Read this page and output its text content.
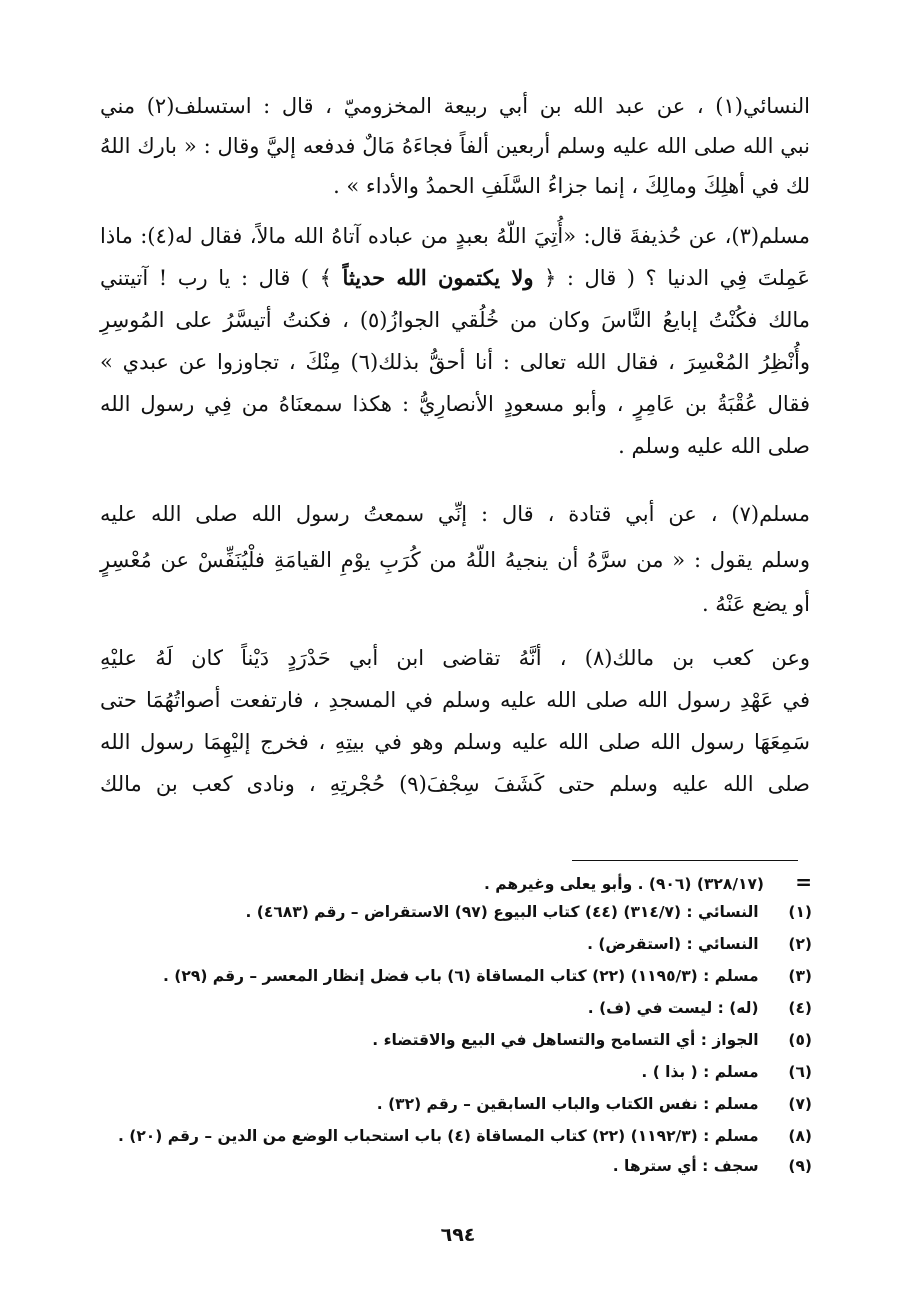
النسائي(١) ، عن عبد الله بن أبي ربيعة المخزوميّ ، قال : استسلف(٢) مني
نبي الله صلى الله عليه وسلم أربعين ألفاً فجاءَهُ مَالٌ فدفعه إليَّ وقال : « بارك اللهُ
لك في أهلِكَ ومالِكَ ، إنما جزاءُ السَّلَفِ الحمدُ والأداء » .
مسلم(٣)، عن حُذيفةَ قال: «أُتِيَ اللّهُ بعبدٍ من عباده آتاهُ الله مالاً، فقال له(٤): ماذا
عَمِلتَ فِي الدنيا ؟ ( قال : ﴿ ولا يكتمون الله حديثاً ﴾ ) قال : يا رب ! آتيتني
مالك فكُنْتُ إبايعُ النَّاسَ وكان من خُلُقي الجوازُ(٥) ، فكنتُ أتيسَّرُ على المُوسِرِ
وأُنْظِرُ المُعْسِرَ ، فقال الله تعالى : أنا أحقُّ بذلك(٦) مِنْكَ ، تجاوزوا عن عبدي »
فقال عُقْبَةُ بن عَامِرٍ ، وأبو مسعودٍ الأنصارِيُّ : هكذا سمعنَاهُ من فِي رسول الله
صلى الله عليه وسلم .
مسلم(٧) ، عن أبي قتادة ، قال : إنِّي سمعتُ رسول الله صلى الله عليه
وسلم يقول : « من سرَّهُ أن ينجيهُ اللّهُ من كُرَبِ يوْمِ القيامَةِ فلْيُنَفِّسْ عن مُعْسِرٍ
أو يضع عَنْهُ .
وعن كعب بن مالك(٨) ، أنَّهُ تقاضى ابن أبي حَدْرَدٍ دَيْناً كان لَهُ عليْهِ
في عَهْدِ رسول الله صلى الله عليه وسلم في المسجدِ ، فارتفعت أصواتُهُمَا حتى
سَمِعَهَا رسول الله صلى الله عليه وسلم وهو في بيتِهِ ، فخرج إليْهِمَا رسول الله
صلى الله عليه وسلم حتى كَشَفَ سِجْفَ(٩) حُجْرتِهِ ، ونادى كعب بن مالك
=(٣٢٨/١٧) (٩٠٦) . وأبو يعلى وغيرهم .
(١) النسائي : (٣١٤/٧) (٤٤) كتاب البيوع (٩٧) الاستقراض – رقم (٤٦٨٣) .
(٢) النسائي : (استقرض) .
(٣) مسلم : (١١٩٥/٣) (٢٢) كتاب المساقاة (٦) باب فضل إنظار المعسر – رقم (٢٩) .
(٤) (له) : ليست في (ف) .
(٥) الجواز : أي التسامح والتساهل في البيع والاقتضاء .
(٦) مسلم : ( بذا ) .
(٧) مسلم : نفس الكتاب والباب السابقين – رقم (٣٢) .
(٨) مسلم : (١١٩٢/٣) (٢٢) كتاب المساقاة (٤) باب استحباب الوضع من الدين – رقم (٢٠) .
(٩) سجف : أي سترها .
٦٩٤
